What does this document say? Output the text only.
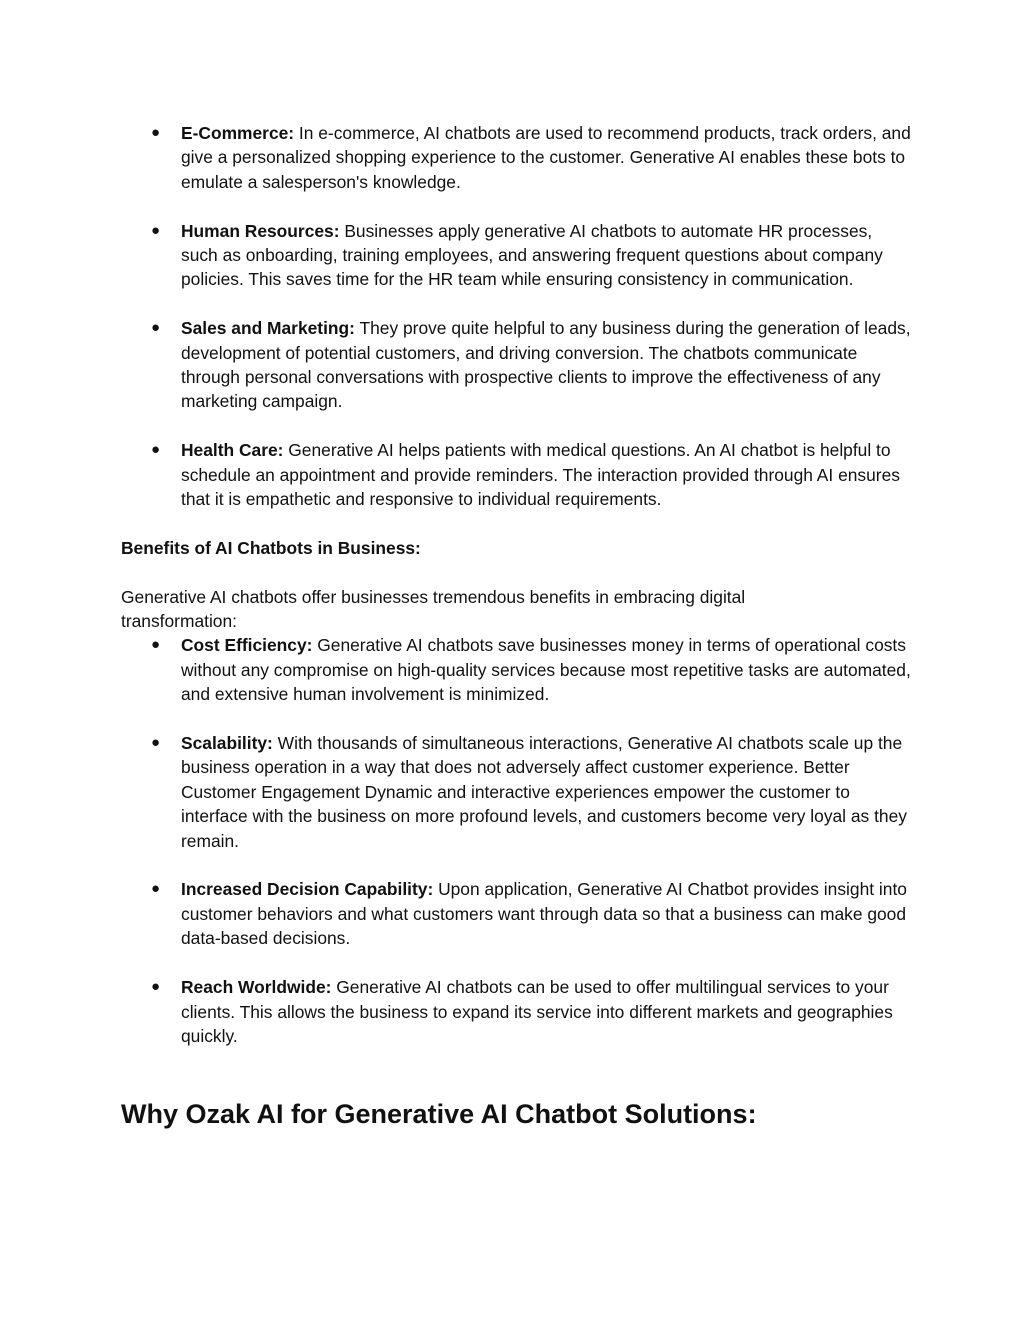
● E-Commerce: In e-commerce, AI chatbots are used to recommend products, track orders, and give a personalized shopping experience to the customer. Generative AI enables these bots to emulate a salesperson's knowledge.
● Human Resources: Businesses apply generative AI chatbots to automate HR processes, such as onboarding, training employees, and answering frequent questions about company policies. This saves time for the HR team while ensuring consistency in communication.
● Sales and Marketing: They prove quite helpful to any business during the generation of leads, development of potential customers, and driving conversion. The chatbots communicate through personal conversations with prospective clients to improve the effectiveness of any marketing campaign.
● Health Care: Generative AI helps patients with medical questions. An AI chatbot is helpful to schedule an appointment and provide reminders. The interaction provided through AI ensures that it is empathetic and responsive to individual requirements.

Benefits of AI Chatbots in Business:

Generative AI chatbots offer businesses tremendous benefits in embracing digital transformation:

● Cost Efficiency: Generative AI chatbots save businesses money in terms of operational costs without any compromise on high-quality services because most repetitive tasks are automated, and extensive human involvement is minimized.
● Scalability: With thousands of simultaneous interactions, Generative AI chatbots scale up the business operation in a way that does not adversely affect customer experience. Better Customer Engagement Dynamic and interactive experiences empower the customer to interface with the business on more profound levels, and customers become very loyal as they remain.
● Increased Decision Capability: Upon application, Generative AI Chatbot provides insight into customer behaviors and what customers want through data so that a business can make good data-based decisions.
● Reach Worldwide: Generative AI chatbots can be used to offer multilingual services to your clients. This allows the business to expand its service into different markets and geographies quickly.
Why Ozak AI for Generative AI Chatbot Solutions:
